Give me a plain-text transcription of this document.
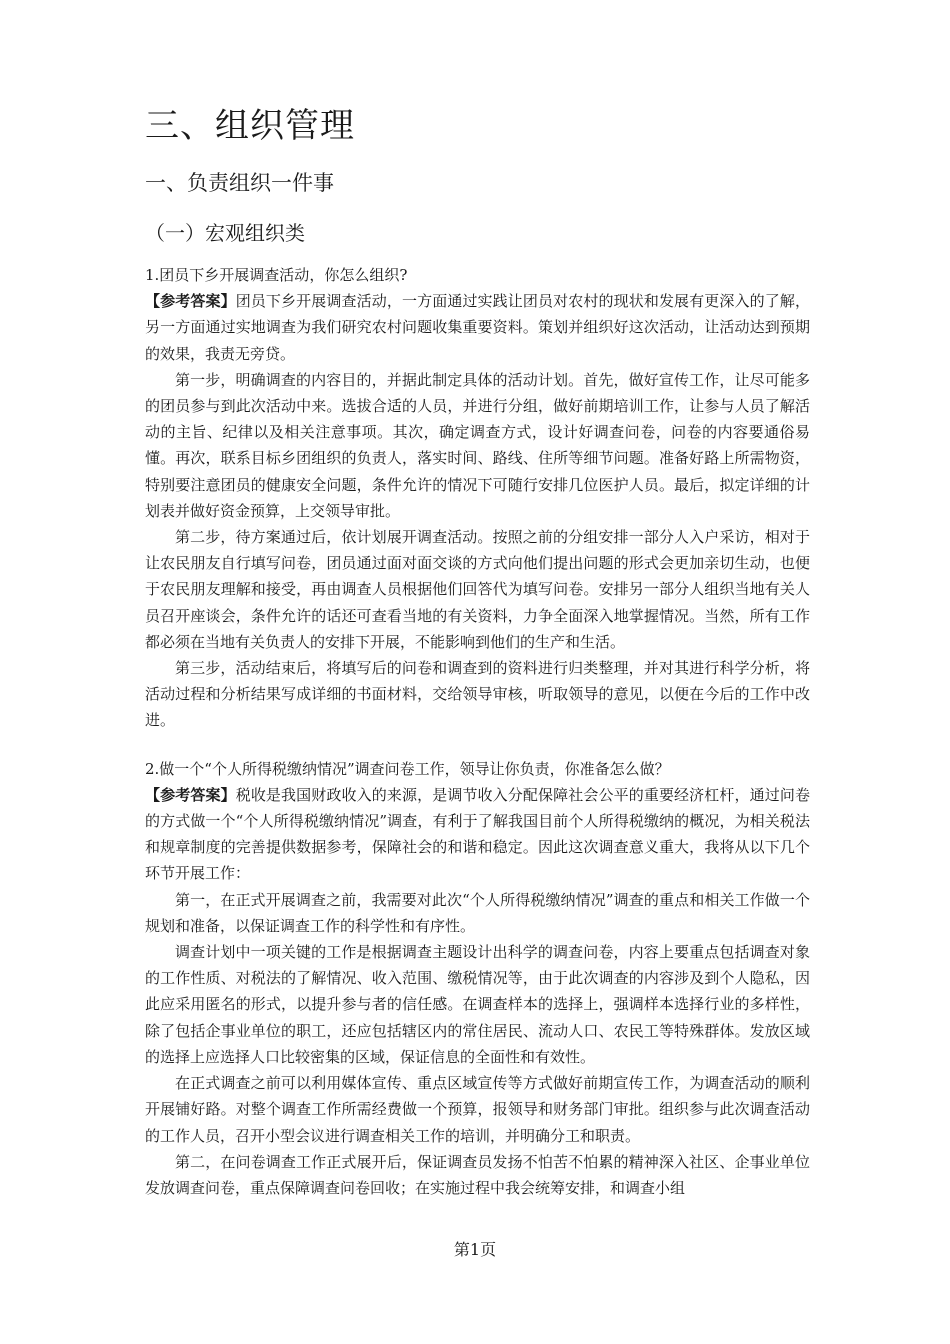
三、组织管理
一、负责组织一件事
（一）宏观组织类

1.团员下乡开展调查活动，你怎么组织?

【参考答案】团员下乡开展调查活动，一方面通过实践让团员对农村的现状和发展有更深入的了解，另一方面通过实地调查为我们研究农村问题收集重要资料。策划并组织好这次活动，让活动达到预期的效果，我责无旁贷。

第一步，明确调查的内容目的，并据此制定具体的活动计划。首先，做好宣传工作，让尽可能多的团员参与到此次活动中来。选拔合适的人员，并进行分组，做好前期培训工作，让参与人员了解活动的主旨、纪律以及相关注意事项。其次，确定调查方式，设计好调查问卷，问卷的内容要通俗易懂。再次，联系目标乡团组织的负责人，落实时间、路线、住所等细节问题。准备好路上所需物资，特别要注意团员的健康安全问题，条件允许的情况下可随行安排几位医护人员。最后，拟定详细的计划表并做好资金预算，上交领导审批。

第二步，待方案通过后，依计划展开调查活动。按照之前的分组安排一部分人入户采访，相对于让农民朋友自行填写问卷，团员通过面对面交谈的方式向他们提出问题的形式会更加亲切生动，也便于农民朋友理解和接受，再由调查人员根据他们回答代为填写问卷。安排另一部分人组织当地有关人员召开座谈会，条件允许的话还可查看当地的有关资料，力争全面深入地掌握情况。当然，所有工作都必须在当地有关负责人的安排下开展，不能影响到他们的生产和生活。

第三步，活动结束后，将填写后的问卷和调查到的资料进行归类整理，并对其进行科学分析，将活动过程和分析结果写成详细的书面材料，交给领导审核，听取领导的意见，以便在今后的工作中改进。

2.做一个“个人所得税缴纳情况”调查问卷工作，领导让你负责，你准备怎么做？

【参考答案】税收是我国财政收入的来源，是调节收入分配保障社会公平的重要经济杠杆，通过问卷的方式做一个“个人所得税缴纳情况”调查，有利于了解我国目前个人所得税缴纳的概况，为相关税法和规章制度的完善提供数据参考，保障社会的和谐和稳定。因此这次调查意义重大，我将从以下几个环节开展工作：

第一，在正式开展调查之前，我需要对此次“个人所得税缴纳情况”调查的重点和相关工作做一个规划和准备，以保证调查工作的科学性和有序性。

调查计划中一项关键的工作是根据调查主题设计出科学的调查问卷，内容上要重点包括调查对象的工作性质、对税法的了解情况、收入范围、缴税情况等，由于此次调查的内容涉及到个人隐私，因此应采用匿名的形式，以提升参与者的信任感。在调查样本的选择上，强调样本选择行业的多样性，除了包括企事业单位的职工，还应包括辖区内的常住居民、流动人口、农民工等特殊群体。发放区域的选择上应选择人口比较密集的区域，保证信息的全面性和有效性。

在正式调查之前可以利用媒体宣传、重点区域宣传等方式做好前期宣传工作，为调查活动的顺利开展铺好路。对整个调查工作所需经费做一个预算，报领导和财务部门审批。组织参与此次调查活动的工作人员，召开小型会议进行调查相关工作的培训，并明确分工和职责。

第二，在问卷调查工作正式展开后，保证调查员发扬不怕苦不怕累的精神深入社区、企事业单位发放调查问卷，重点保障调查问卷回收；在实施过程中我会统筹安排，和调查小组

第1页
